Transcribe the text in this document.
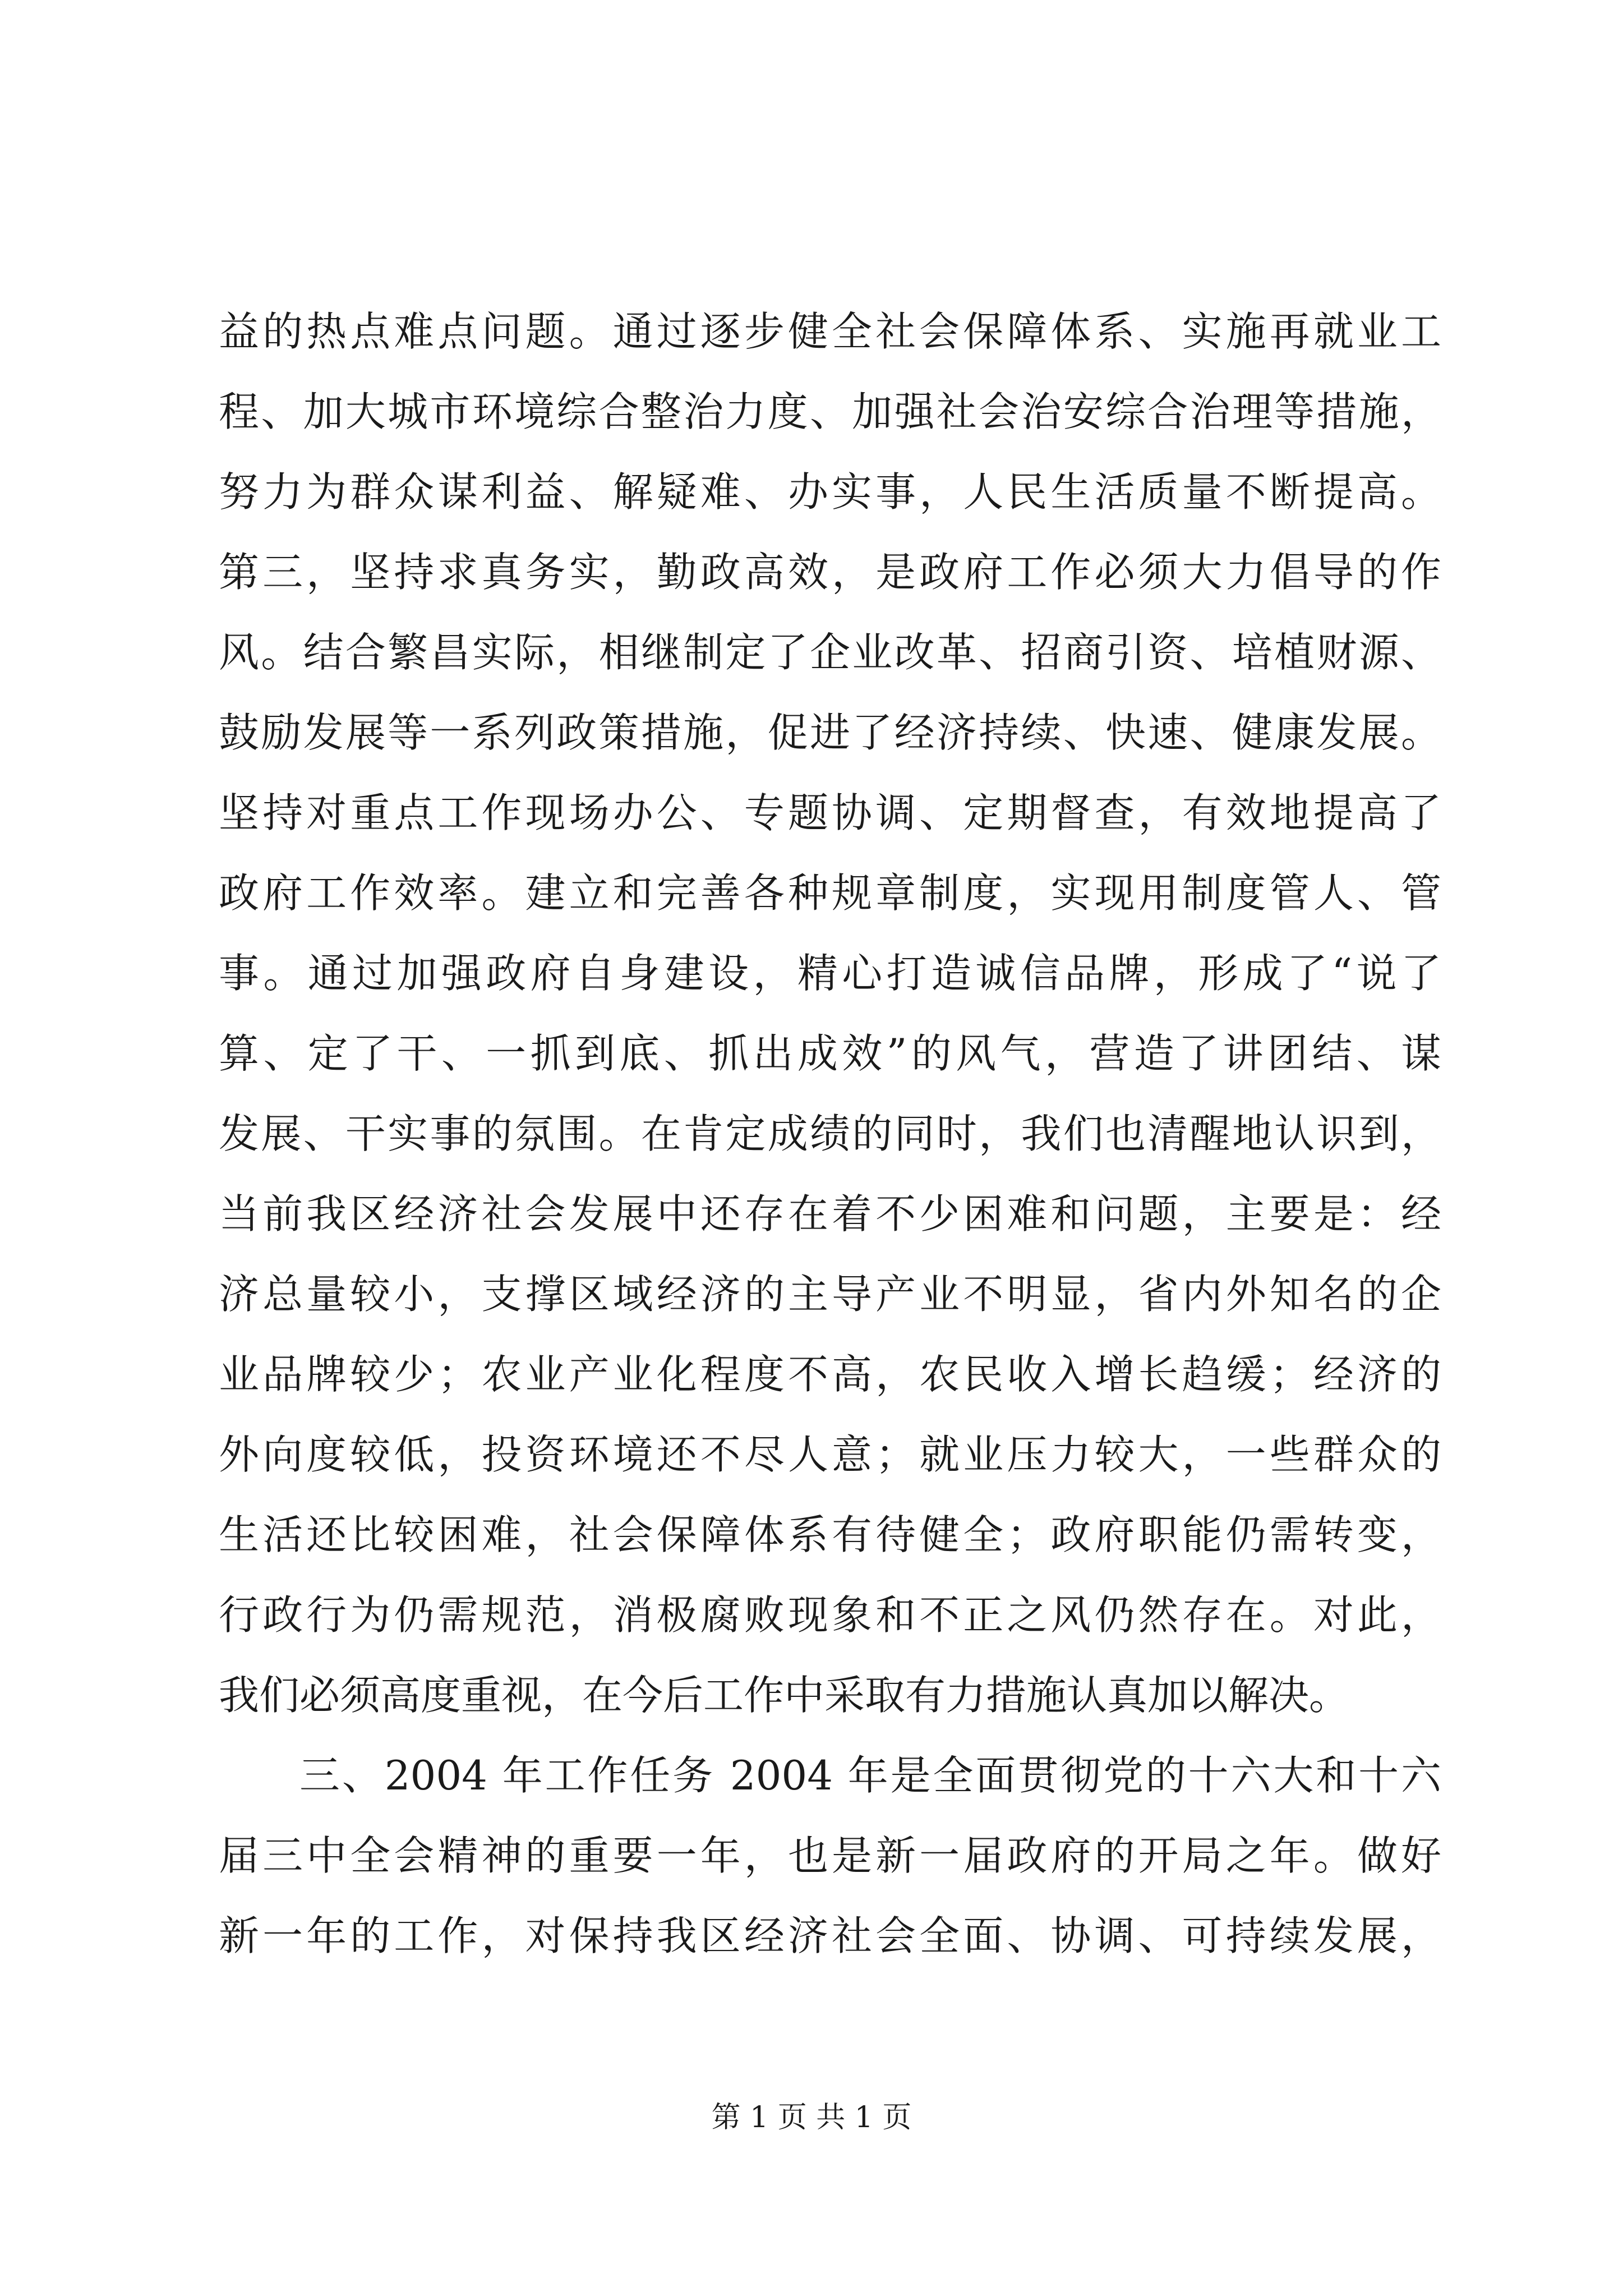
益的热点难点问题。通过逐步健全社会保障体系、实施再就业工
程、加大城市环境综合整治力度、加强社会治安综合治理等措施，
努力为群众谋利益、解疑难、办实事，人民生活质量不断提高。
第三，坚持求真务实，勤政高效，是政府工作必须大力倡导的作
风。结合繁昌实际，相继制定了企业改革、招商引资、培植财源、
鼓励发展等一系列政策措施，促进了经济持续、快速、健康发展。
坚持对重点工作现场办公、专题协调、定期督查，有效地提高了
政府工作效率。建立和完善各种规章制度，实现用制度管人、管
事。通过加强政府自身建设，精心打造诚信品牌，形成了“说了
算、定了干、一抓到底、抓出成效”的风气，营造了讲团结、谋
发展、干实事的氛围。在肯定成绩的同时，我们也清醒地认识到，
当前我区经济社会发展中还存在着不少困难和问题，主要是：经
济总量较小，支撑区域经济的主导产业不明显，省内外知名的企
业品牌较少；农业产业化程度不高，农民收入增长趋缓；经济的
外向度较低，投资环境还不尽人意；就业压力较大，一些群众的
生活还比较困难，社会保障体系有待健全；政府职能仍需转变，
行政行为仍需规范，消极腐败现象和不正之风仍然存在。对此，
我们必须高度重视，在今后工作中采取有力措施认真加以解决。
三、2004 年工作任务 2004 年是全面贯彻党的十六大和十六
届三中全会精神的重要一年，也是新一届政府的开局之年。做好
新一年的工作，对保持我区经济社会全面、协调、可持续发展，
第 1 页 共 1 页
